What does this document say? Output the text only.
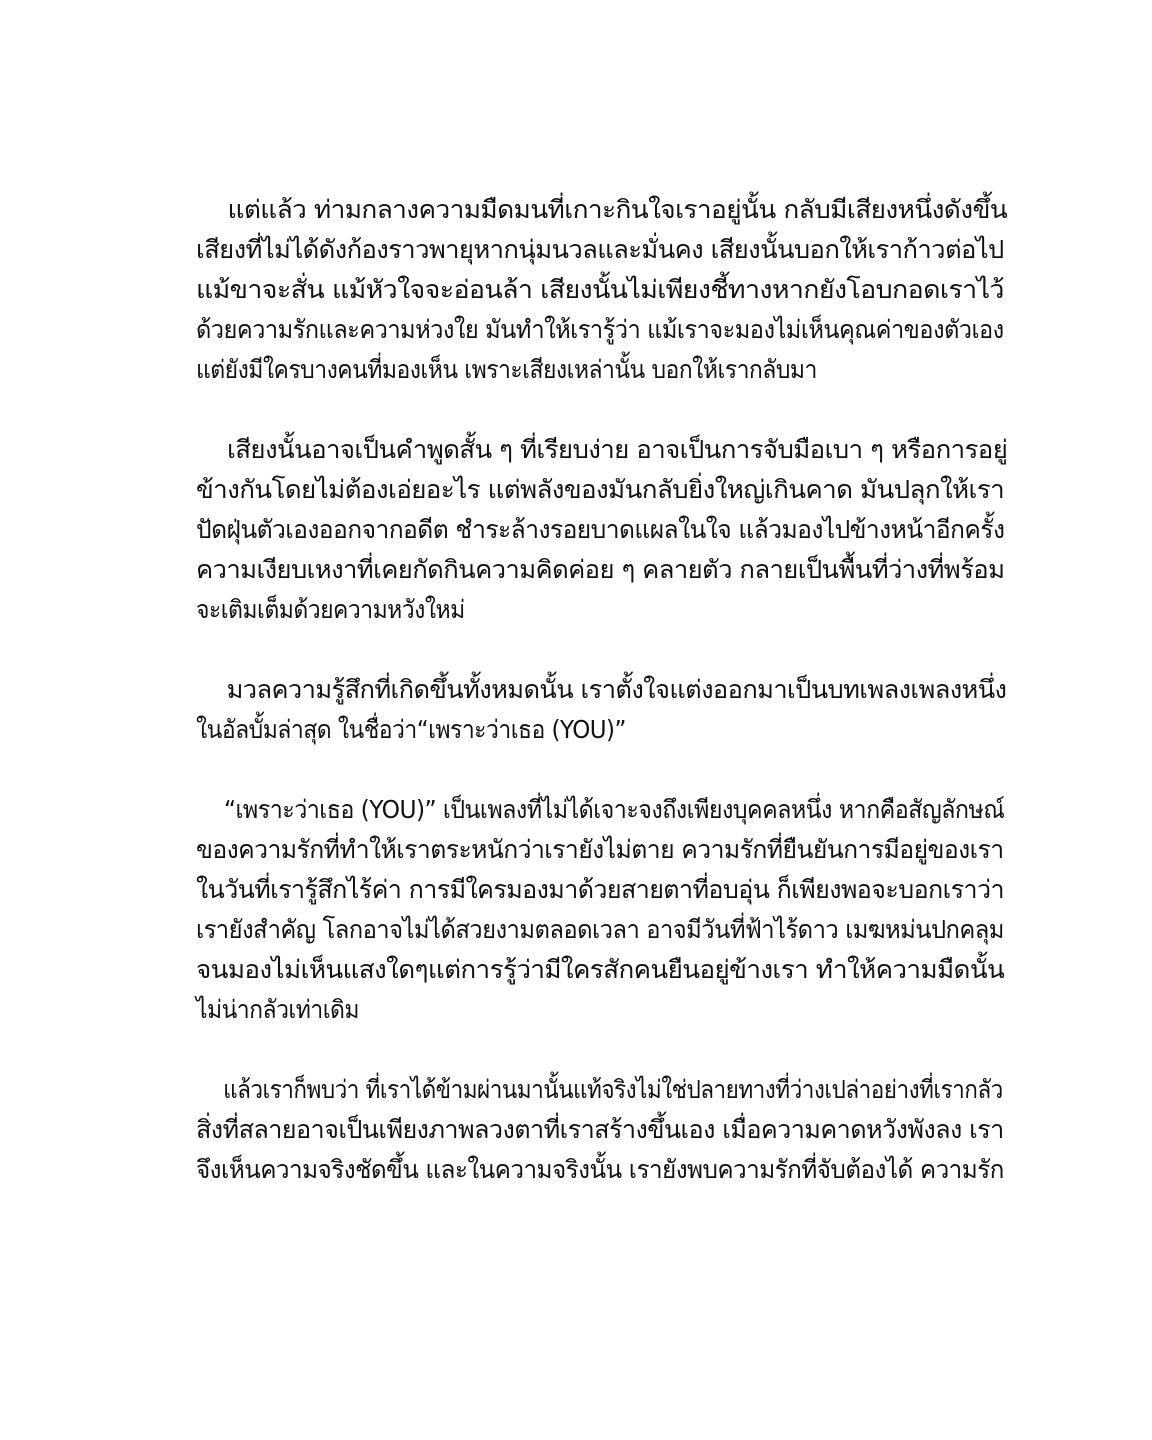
แต่แล้ว ท่ามกลางความมืดมนที่เกาะกินใจเราอยู่นั้น กลับมีเสียงหนึ่งดังขึ้น
เสียงที่ไม่ได้ดังก้องราวพายุหากนุ่มนวลและมั่นคง เสียงนั้นบอกให้เราก้าวต่อไป
แม้ขาจะสั่น แม้หัวใจจะอ่อนล้า เสียงนั้นไม่เพียงชี้ทางหากยังโอบกอดเราไว้
ด้วยความรักและความห่วงใย มันทำให้เรารู้ว่า แม้เราจะมองไม่เห็นคุณค่าของตัวเอง
แต่ยังมีใครบางคนที่มองเห็น เพราะเสียงเหล่านั้น บอกให้เรากลับมา
เสียงนั้นอาจเป็นคำพูดสั้น ๆ ที่เรียบง่าย อาจเป็นการจับมือเบา ๆ หรือการอยู่
ข้างกันโดยไม่ต้องเอ่ยอะไร แต่พลังของมันกลับยิ่งใหญ่เกินคาด มันปลุกให้เรา
ปัดฝุ่นตัวเองออกจากอดีต ชำระล้างรอยบาดแผลในใจ แล้วมองไปข้างหน้าอีกครั้ง
ความเงียบเหงาที่เคยกัดกินความคิดค่อย ๆ คลายตัว กลายเป็นพื้นที่ว่างที่พร้อม
จะเติมเต็มด้วยความหวังใหม่
มวลความรู้สึกที่เกิดขึ้นทั้งหมดนั้น เราตั้งใจแต่งออกมาเป็นบทเพลงเพลงหนึ่ง
ในอัลบั้มล่าสุด ในชื่อว่า“เพราะว่าเธอ (YOU)”
“เพราะว่าเธอ (YOU)” เป็นเพลงที่ไม่ได้เจาะจงถึงเพียงบุคคลหนึ่ง หากคือสัญลักษณ์
ของความรักที่ทำให้เราตระหนักว่าเรายังไม่ตาย ความรักที่ยืนยันการมีอยู่ของเรา
ในวันที่เรารู้สึกไร้ค่า การมีใครมองมาด้วยสายตาที่อบอุ่น ก็เพียงพอจะบอกเราว่า
เรายังสำคัญ โลกอาจไม่ได้สวยงามตลอดเวลา อาจมีวันที่ฟ้าไร้ดาว เมฆหม่นปกคลุม
จนมองไม่เห็นแสงใดๆแต่การรู้ว่ามีใครสักคนยืนอยู่ข้างเรา ทำให้ความมืดนั้น
ไม่น่ากลัวเท่าเดิม
แล้วเราก็พบว่า ที่เราได้ข้ามผ่านมานั้นแท้จริงไม่ใช่ปลายทางที่ว่างเปล่าอย่างที่เรากลัว
สิ่งที่สลายอาจเป็นเพียงภาพลวงตาที่เราสร้างขึ้นเอง เมื่อความคาดหวังพังลง เรา
จึงเห็นความจริงชัดขึ้น และในความจริงนั้น เรายังพบความรักที่จับต้องได้ ความรัก
